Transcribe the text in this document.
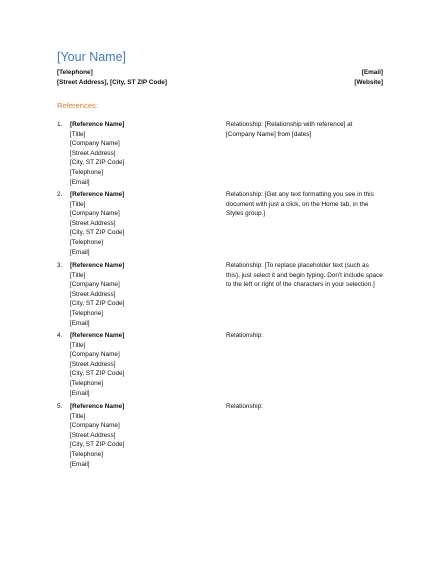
[Your Name]
[Telephone]	[Email]
[Street Address], [City, ST ZIP Code]	[Website]
References:
1.	[Reference Name]
[Title]
[Company Name]
[Street Address]
[City, ST ZIP Code]
[Telephone]
[Email]
Relationship: [Relationship with reference] at [Company Name] from [dates]
2.	[Reference Name]
[Title]
[Company Name]
[Street Address]
[City, ST ZIP Code]
[Telephone]
[Email]
Relationship: [Get any text formatting you see in this document with just a click, on the Home tab, in the Styles group.]
3.	[Reference Name]
[Title]
[Company Name]
[Street Address]
[City, ST ZIP Code]
[Telephone]
[Email]
Relationship: [To replace placeholder text (such as this), just select it and begin typing. Don't include space to the left or right of the characters in your selection.]
4.	[Reference Name]
[Title]
[Company Name]
[Street Address]
[City, ST ZIP Code]
[Telephone]
[Email]
Relationship:
5.	[Reference Name]
[Title]
[Company Name]
[Street Address]
[City, ST ZIP Code]
[Telephone]
[Email]
Relationship:
